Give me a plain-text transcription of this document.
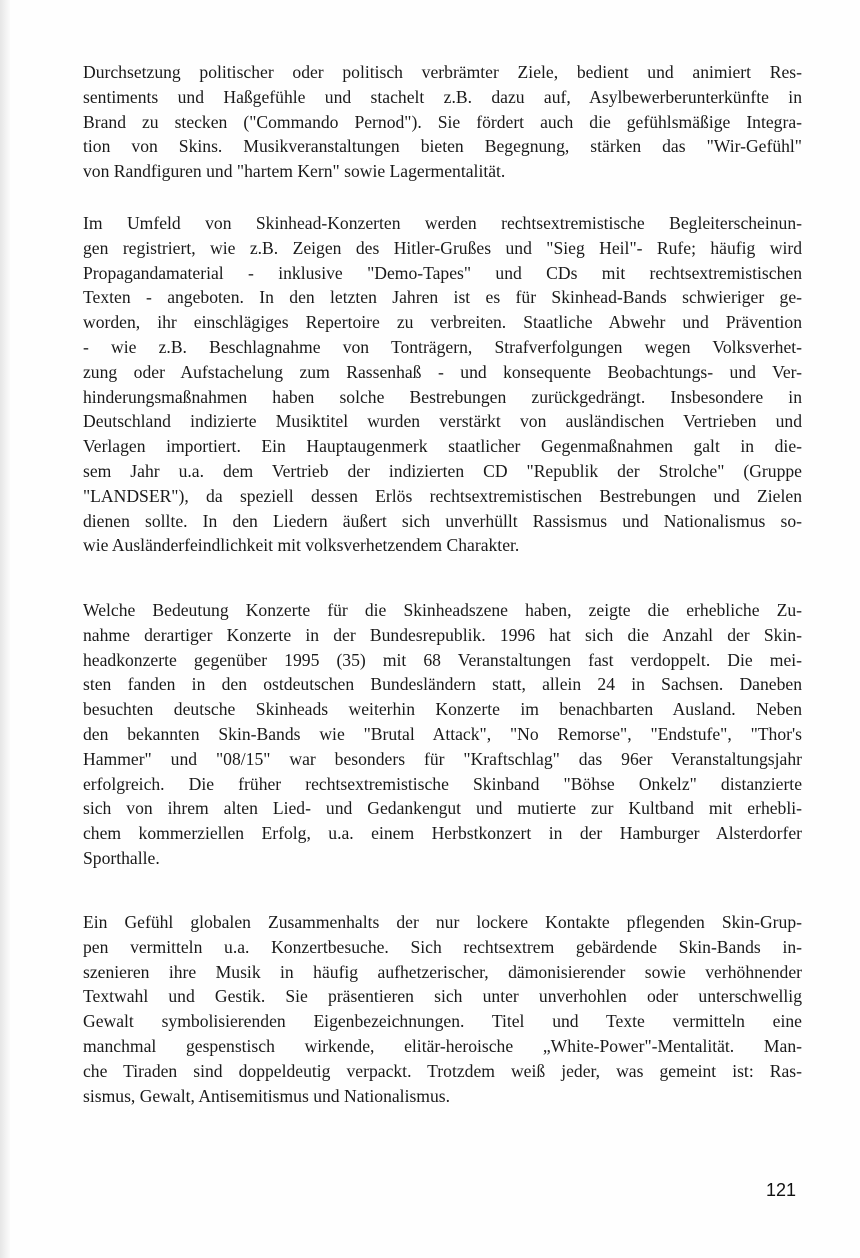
Durchsetzung politischer oder politisch verbrämter Ziele, bedient und animiert Res-
sentiments und Haßgefühle und stachelt z.B. dazu auf, Asylbewerberunterkünfte in
Brand zu stecken ("Commando Pernod"). Sie fördert auch die gefühlsmäßige Integra-
tion von Skins. Musikveranstaltungen bieten Begegnung, stärken das "Wir-Gefühl"
von Randfiguren und "hartem Kern" sowie Lagermentalität.
Im Umfeld von Skinhead-Konzerten werden rechtsextremistische Begleiterscheinun-
gen registriert, wie z.B. Zeigen des Hitler-Grußes und "Sieg Heil"- Rufe; häufig wird
Propagandamaterial - inklusive "Demo-Tapes" und CDs mit rechtsextremistischen
Texten - angeboten. In den letzten Jahren ist es für Skinhead-Bands schwieriger ge-
worden, ihr einschlägiges Repertoire zu verbreiten. Staatliche Abwehr und Prävention
- wie z.B. Beschlagnahme von Tonträgern, Strafverfolgungen wegen Volksverhet-
zung oder Aufstachelung zum Rassenhaß - und konsequente Beobachtungs- und Ver-
hinderungsmaßnahmen haben solche Bestrebungen zurückgedrängt. Insbesondere in
Deutschland indizierte Musiktitel wurden verstärkt von ausländischen Vertrieben und
Verlagen importiert. Ein Hauptaugenmerk staatlicher Gegenmaßnahmen galt in die-
sem Jahr u.a. dem Vertrieb der indizierten CD "Republik der Strolche" (Gruppe
"LANDSER"), da speziell dessen Erlös rechtsextremistischen Bestrebungen und Zielen
dienen sollte. In den Liedern äußert sich unverhüllt Rassismus und Nationalismus so-
wie Ausländerfeindlichkeit mit volksverhetzendem Charakter.
Welche Bedeutung Konzerte für die Skinheadszene haben, zeigte die erhebliche Zu-
nahme derartiger Konzerte in der Bundesrepublik. 1996 hat sich die Anzahl der Skin-
headkonzerte gegenüber 1995 (35) mit 68 Veranstaltungen fast verdoppelt. Die mei-
sten fanden in den ostdeutschen Bundesländern statt, allein 24 in Sachsen. Daneben
besuchten deutsche Skinheads weiterhin Konzerte im benachbarten Ausland. Neben
den bekannten Skin-Bands wie "Brutal Attack", "No Remorse", "Endstufe", "Thor's
Hammer" und "08/15" war besonders für "Kraftschlag" das 96er Veranstaltungsjahr
erfolgreich. Die früher rechtsextremistische Skinband "Böhse Onkelz" distanzierte
sich von ihrem alten Lied- und Gedankengut und mutierte zur Kultband mit erhebli-
chem kommerziellen Erfolg, u.a. einem Herbstkonzert in der Hamburger Alsterdorfer
Sporthalle.
Ein Gefühl globalen Zusammenhalts der nur lockere Kontakte pflegenden Skin-Grup-
pen vermitteln u.a. Konzertbesuche. Sich rechtsextrem gebärdende Skin-Bands in-
szenieren ihre Musik in häufig aufhetzerischer, dämonisierender sowie verhöhnender
Textwahl und Gestik. Sie präsentieren sich unter unverhohlen oder unterschwellig
Gewalt symbolisierenden Eigenbezeichnungen. Titel und Texte vermitteln eine
manchmal gespenstisch wirkende, elitär-heroische „White-Power"-Mentalität. Man-
che Tiraden sind doppeldeutig verpackt. Trotzdem weiß jeder, was gemeint ist: Ras-
sismus, Gewalt, Antisemitismus und Nationalismus.
121
